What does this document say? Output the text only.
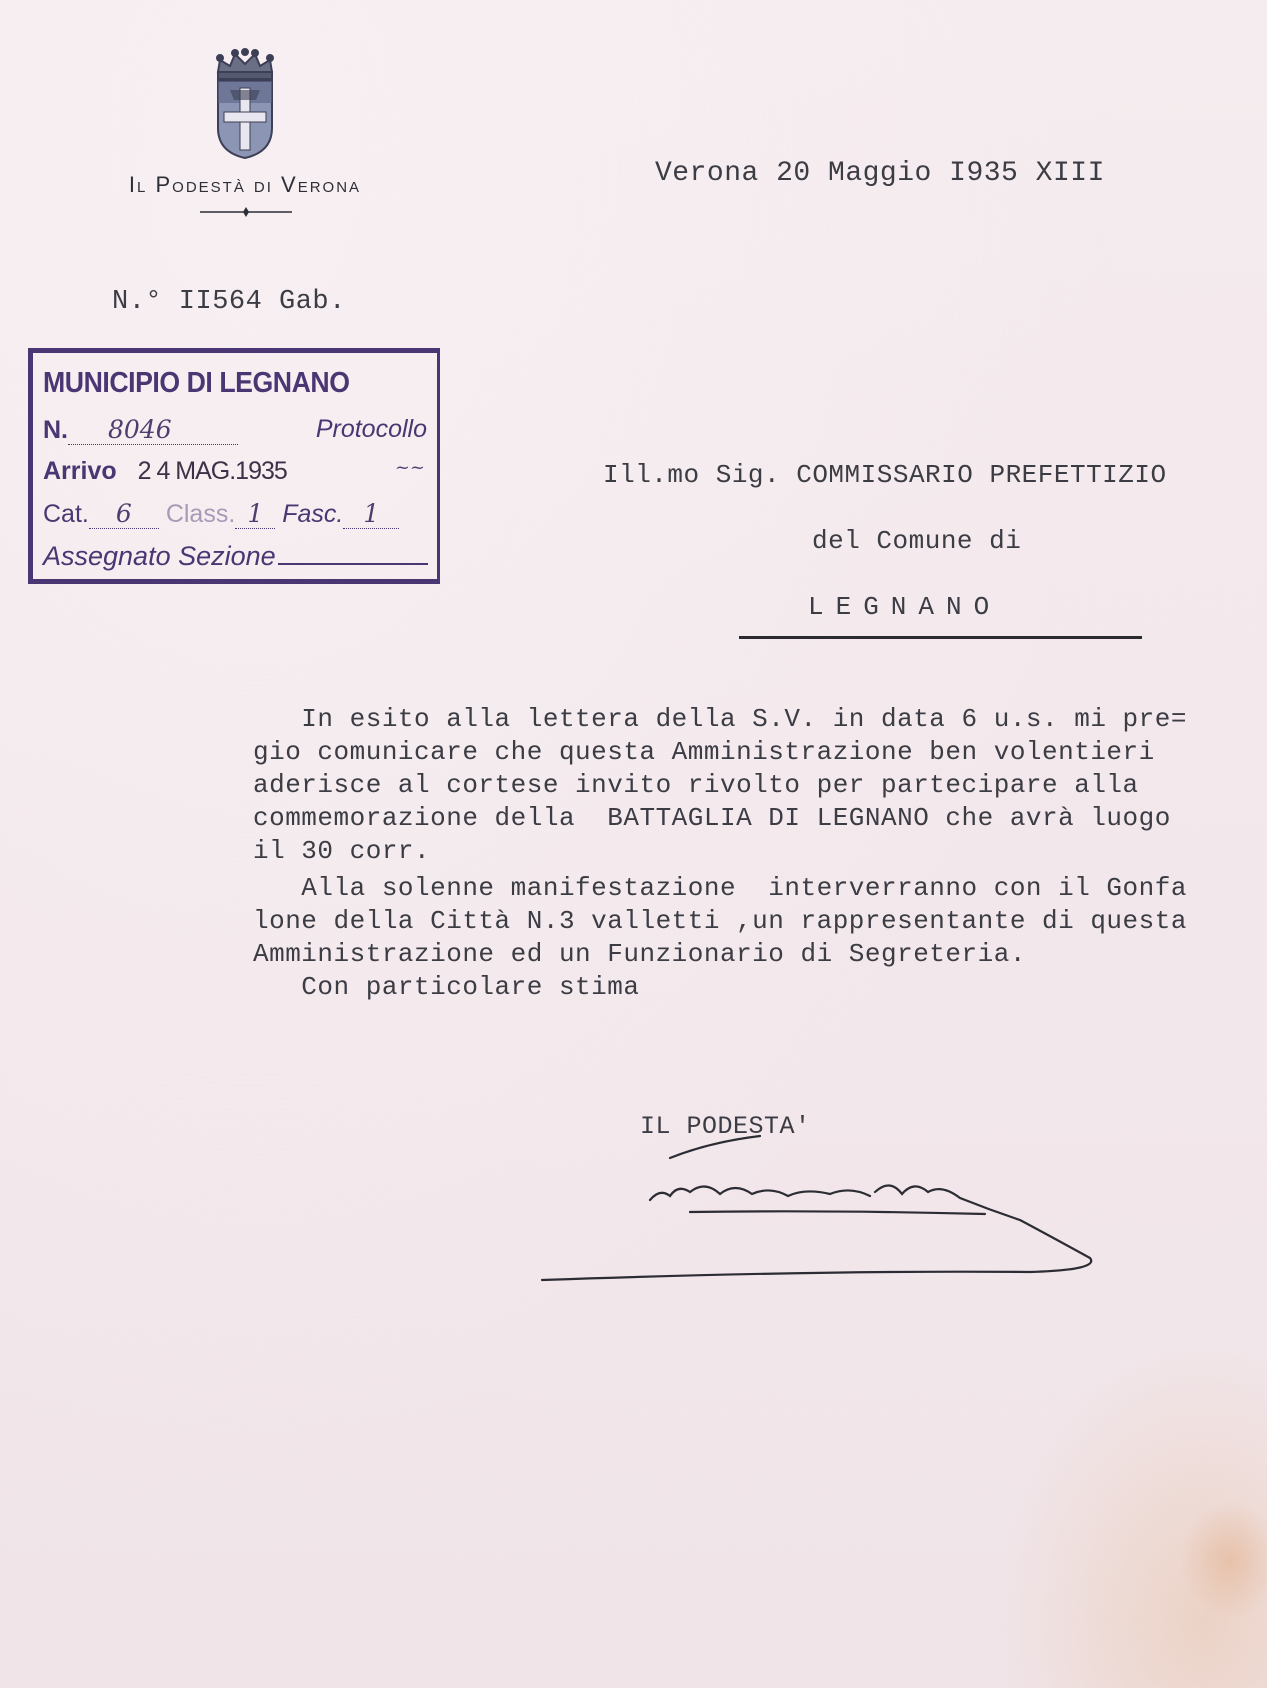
Il Podestà di Verona	Verona 20 Maggio I935 XIII
N.° II564 Gab.
MUNICIPIO DI LEGNANO
N. 8046	Protocollo
Arrivo 2 4 MAG.1935	~~
Cat. 6 Class. 1 Fasc. 1
Assegnato Sezione
Ill.mo Sig. COMMISSARIO PREFETTIZIO
del Comune di
LEGNANO
In esito alla lettera della S.V. in data 6 u.s. mi pre=
gio comunicare che questa Amministrazione ben volentieri
aderisce al cortese invito rivolto per partecipare alla
commemorazione della  BATTAGLIA DI LEGNANO che avrà luogo
il 30 corr.
Alla solenne manifestazione  interverranno con il Gonfa
lone della Città N.3 valletti ,un rappresentante di questa
Amministrazione ed un Funzionario di Segreteria.
Con particolare stima
IL PODESTA'
